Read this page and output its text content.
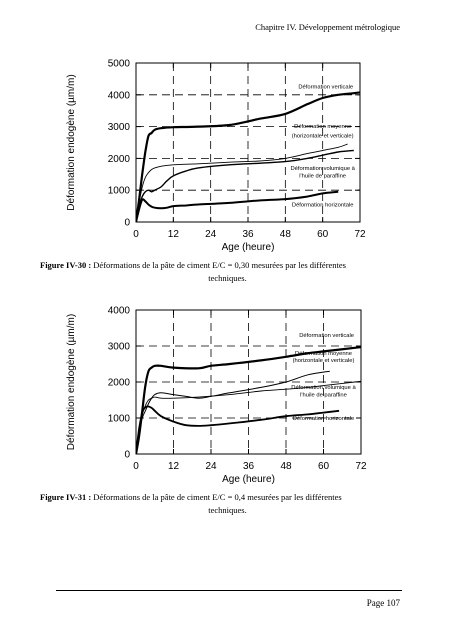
Chapitre IV. Développement métrologique
0	12	24	36	48	60	72
0
1000
2000
3000
4000
5000
Age (heure)
Déformation endogène (µm/m)	Déformation verticale
Déformation moyenne
(horizontale et verticale)
Déformation volumique à
l'huile de paraffine
Déformation horizontale
Figure IV-30 : Déformations de la pâte de ciment E/C = 0,30 mesurées par les différentes
techniques.
0	12	24	36	48	60	72
0
1000
2000
3000
4000
Age (heure)
Déformation endogène (µm/m)	Déformation verticale
Déformation moyenne
(horizontale et verticale)
Déformation volumique à
l'huile de paraffine
Déformation horizontale
Figure IV-31 : Déformations de la pâte de ciment E/C = 0,4 mesurées par les différentes
techniques.
Page 107
